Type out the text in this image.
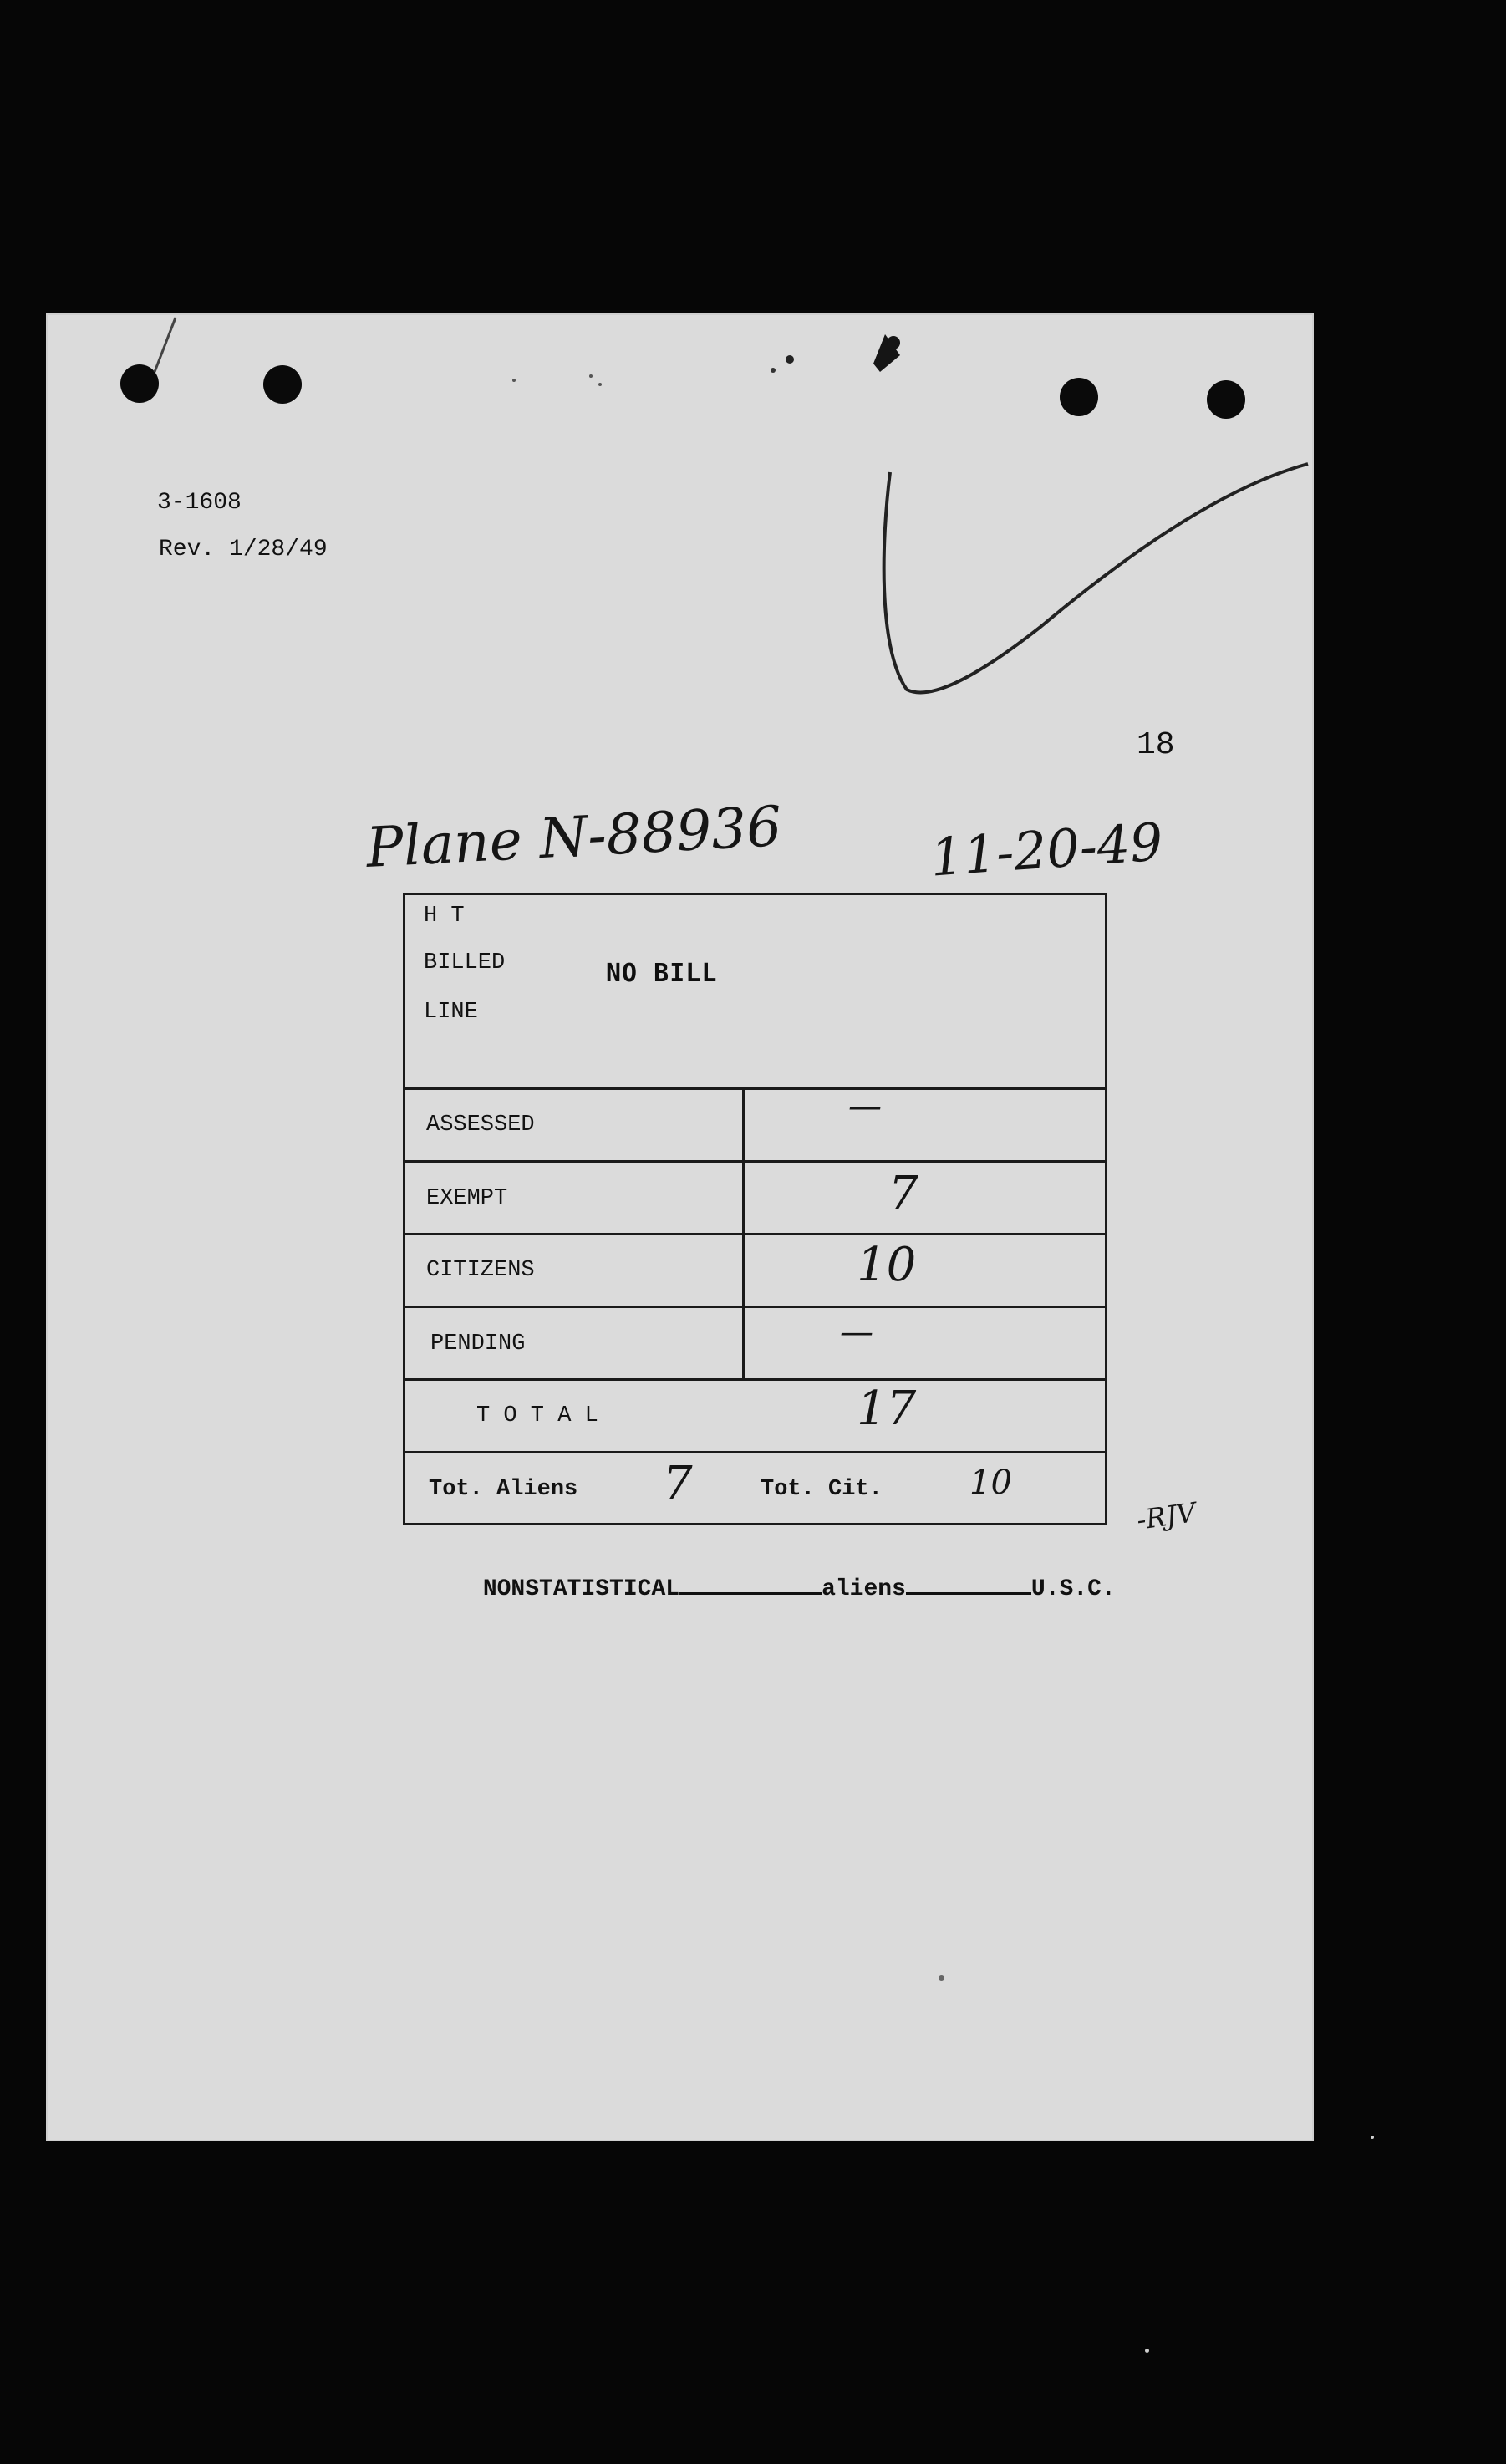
3-1608
Rev. 1/28/49
18
Plane N-88936	11-20-49
H T
BILLED
LINE
NO BILL
ASSESSED	—
EXEMPT	7
CITIZENS	10
PENDING	—
T O T A L	17
Tot. Aliens 7	Tot. Cit.	10
-RJV

NONSTATISTICAL	aliens	U.S.C.
